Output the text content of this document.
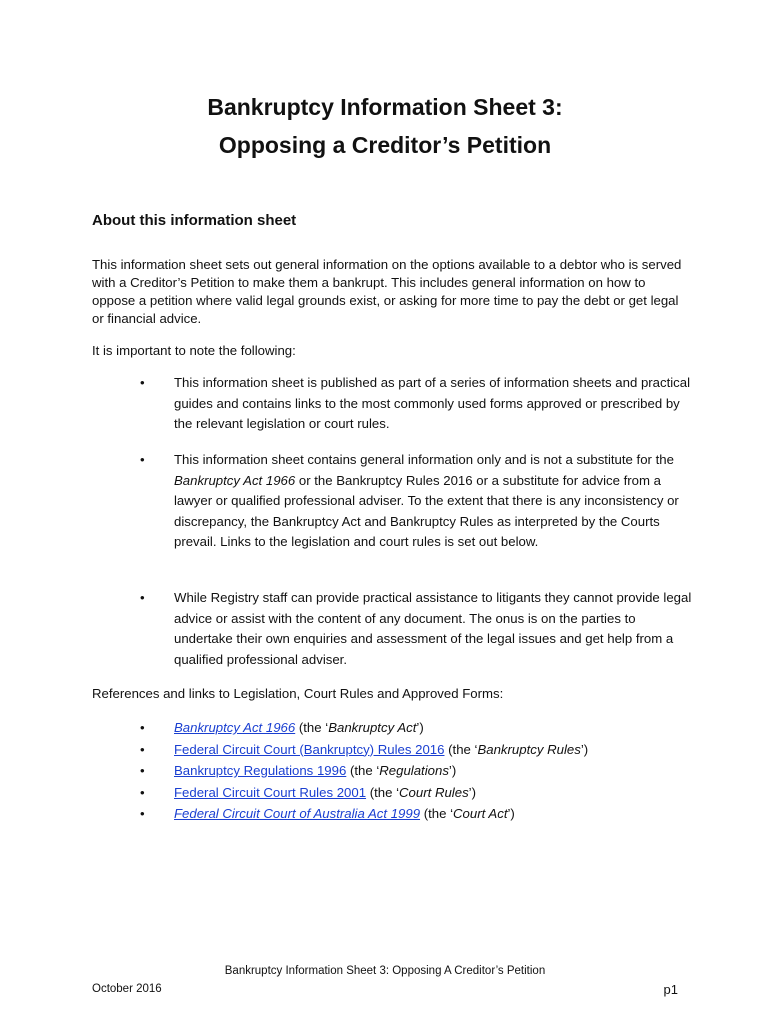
Bankruptcy Information Sheet 3:
Opposing a Creditor’s Petition
About this information sheet
This information sheet sets out general information on the options available to a debtor who is served with a Creditor’s Petition to make them a bankrupt. This includes general information on how to oppose a petition where valid legal grounds exist, or asking for more time to pay the debt or get legal or financial advice.
It is important to note the following:
• This information sheet is published as part of a series of information sheets and practical guides and contains links to the most commonly used forms approved or prescribed by the relevant legislation or court rules.
• This information sheet contains general information only and is not a substitute for the Bankruptcy Act 1966 or the Bankruptcy Rules 2016 or a substitute for advice from a lawyer or qualified professional adviser. To the extent that there is any inconsistency or discrepancy, the Bankruptcy Act and Bankruptcy Rules as interpreted by the Courts prevail. Links to the legislation and court rules is set out below.
• While Registry staff can provide practical assistance to litigants they cannot provide legal advice or assist with the content of any document. The onus is on the parties to undertake their own enquiries and assessment of the legal issues and get help from a qualified professional adviser.
References and links to Legislation, Court Rules and Approved Forms:
• Bankruptcy Act 1966 (the ‘Bankruptcy Act’)
• Federal Circuit Court (Bankruptcy) Rules 2016 (the ‘Bankruptcy Rules’)
• Bankruptcy Regulations 1996 (the ‘Regulations’)
• Federal Circuit Court Rules 2001 (the ‘Court Rules’)
• Federal Circuit Court of Australia Act 1999 (the ‘Court Act’)
Bankruptcy Information Sheet 3: Opposing A Creditor’s Petition
October 2016	p1
